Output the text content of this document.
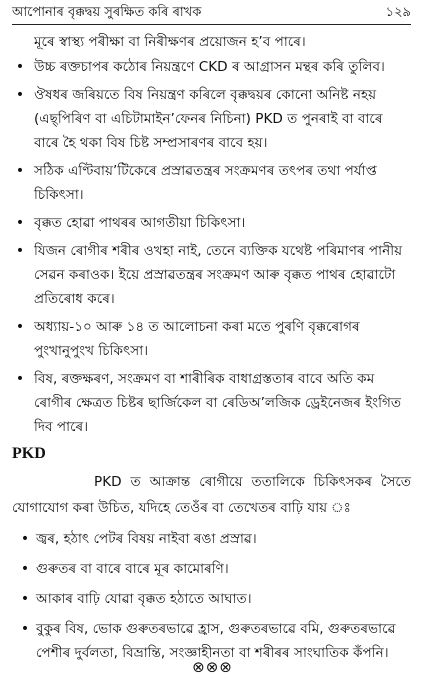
আপোনাৰ বৃক্কদ্বয় সুৰক্ষিত কৰি ৰাখক	১২৯
মূৰে স্বাস্থ্য পৰীক্ষা বা নিৰীক্ষণৰ প্ৰয়োজন হ’ব পাৰে।
• উচ্চ ৰক্তচাপৰ কঠোৰ নিয়ন্ত্ৰণে CKD ৰ আগ্ৰাসন মন্থৰ কৰি তুলিব।
• ঔষধৰ জৰিয়তে বিষ নিয়ন্ত্ৰণ কৰিলে বৃক্কদ্বয়ৰ কোনো অনিষ্ট নহয় (এছ্‌পিৰিণ বা এচিটামাইন’ফেনৰ নিচিনা) PKD ত পুনৰাই বা বাৰে বাৰে হৈ থকা বিষ চিষ্ট সম্প্ৰসাৰণৰ বাবে হয়।
• সঠিক এণ্টিবায়’টিকেৰে প্ৰস্ৰাৱতন্ত্ৰৰ সংক্ৰমণৰ তৎপৰ তথা পৰ্যাপ্ত চিকিৎসা।
• বৃক্কত হোৱা পাথৰৰ আগতীয়া চিকিৎসা।
• যিজন ৰোগীৰ শৰীৰ ওখহা নাই, তেনে ব্যক্তিক যথেষ্ট পৰিমাণৰ পানীয় সেৱন কৰাওক। ইয়ে প্ৰস্ৰাৱতন্ত্ৰৰ সংক্ৰমণ আৰু বৃক্কত পাথৰ হোৱাটো প্ৰতিৰোধ কৰে।
• অধ্যায়-১০ আৰু ১৪ ত আলোচনা কৰা মতে পুৰণি বৃক্কৰোগৰ পুংখানুপুংখ চিকিৎসা।
• বিষ, ৰক্তক্ষৰণ, সংক্ৰমণ বা শাৰীৰিক বাধাগ্ৰস্ততাৰ বাবে অতি কম ৰোগীৰ ক্ষেত্ৰত চিষ্টৰ ছাৰ্জিকেল বা ৰেডিঅ’লজিক ড্ৰেইনেজৰ ইংগিত দিব পাৰে।
PKD

PKD ত আক্ৰান্ত ৰোগীয়ে ততালিকে চিকিৎসকৰ সৈতে যোগাযোগ কৰা উচিত, যদিহে তেওঁৰ বা তেখেতৰ বাঢ়ি যায় ঃ

• জ্বৰ, হঠাৎ পেটৰ বিষয় নাইবা ৰঙা প্ৰস্ৰাৱ।
• গুৰুতৰ বা বাৰে বাৰে মূৰ কামোৰণি।
• আকাৰ বাঢ়ি যোৱা বৃক্কত হঠাতে আঘাত।
• বুকুৰ বিষ, ভোক গুৰুতৰভাৱে হ্ৰাস, গুৰুতৰভাৱে বমি, গুৰুতৰভাৱে পেশীৰ দুৰ্বলতা, বিভ্ৰান্তি, সংজ্ঞাহীনতা বা শৰীৰৰ সাংঘাতিক কঁপনি।
⊗⊗⊗
